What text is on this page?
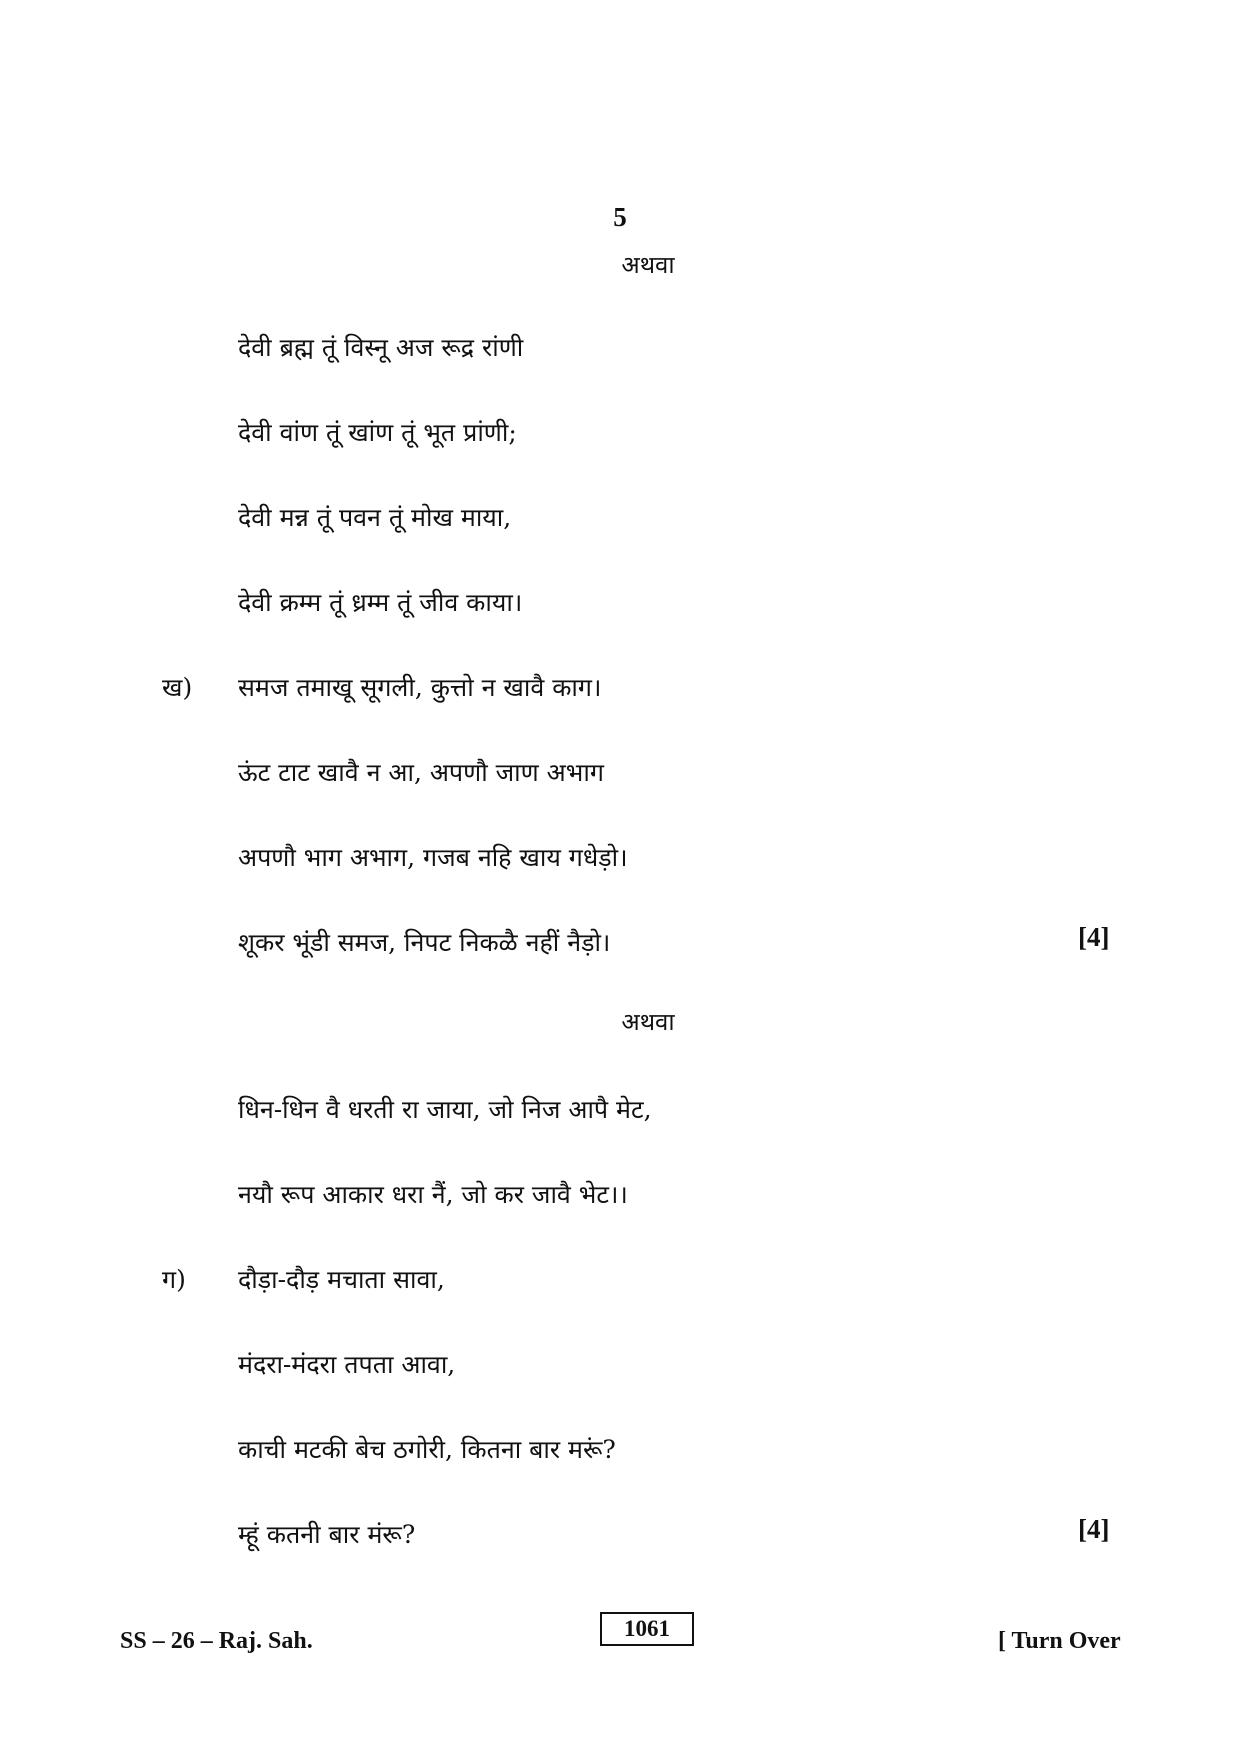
5
अथवा
देवी ब्रह्म तूं विस्नू अज रूद्र रांणी
देवी वांण तूं खांण तूं भूत प्रांणी;
देवी मन्न तूं पवन तूं मोख माया,
देवी क्रम्म तूं ध्रम्म तूं जीव काया।
ख) समज तमाखू सूगली, कुत्तो न खावै काग।
ऊंट टाट खावै न आ, अपणौ जाण अभाग
अपणौ भाग अभाग, गजब नहि खाय गधेड़ो।
शूकर भूंडी समज, निपट निकळै नहीं नैड़ो।	[4]
अथवा
धिन-धिन वै धरती रा जाया, जो निज आपै मेट,
नयौ रूप आकार धरा नैं, जो कर जावै भेट।।
ग) दौड़ा-दौड़ मचाता सावा,
मंदरा-मंदरा तपता आवा,
काची मटकी बेच ठगोरी, कितना बार मरूं?
म्हूं कतनी बार मंरू?	[4]
SS – 26 – Raj. Sah.	1061	[ Turn Over
